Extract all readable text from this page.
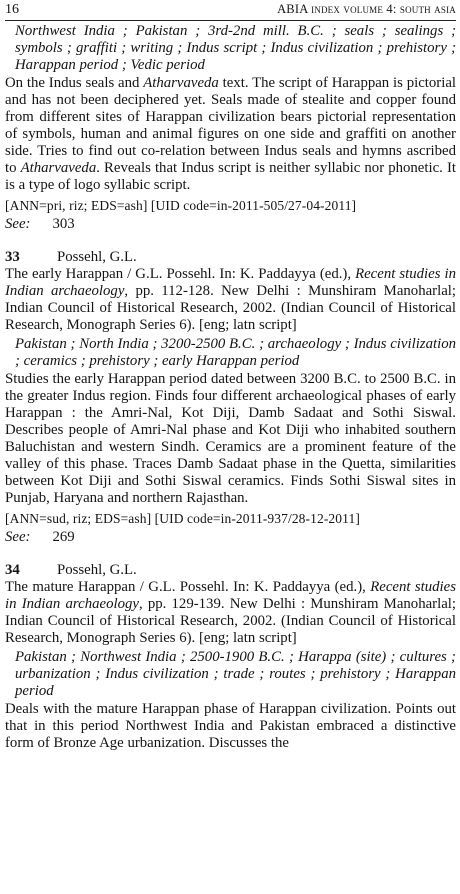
16	ABIA index volume 4: south asia

Northwest India ; Pakistan ; 3rd-2nd mill. B.C. ; seals ; sealings ; symbols ; graffiti ; writing ; Indus script ; Indus civilization ; prehistory ; Harappan period ; Vedic period

On the Indus seals and Atharvaveda text. The script of Harappan is pictorial and has not been deciphered yet. Seals made of stealite and copper found from different sites of Harappan civilization bears pictorial representation of symbols, human and animal figures on one side and graffiti on another side. Tries to find out co-relation between Indus seals and hymns ascribed to Atharvaveda. Reveals that Indus script is neither syllabic nor phonetic. It is a type of logo syllabic script.

[ANN=pri, riz; EDS=ash] [UID code=in-2011-505/27-04-2011]
See: 303
33	Possehl, G.L.

The early Harappan / G.L. Possehl. In: K. Paddayya (ed.), Recent studies in Indian archaeology, pp. 112-128. New Delhi : Munshiram Manoharlal; Indian Council of Historical Research, 2002. (Indian Council of Historical Research, Monograph Series 6). [eng; latn script]

Pakistan ; North India ; 3200-2500 B.C. ; archaeology ; Indus civilization ; ceramics ; prehistory ; early Harappan period

Studies the early Harappan period dated between 3200 B.C. to 2500 B.C. in the greater Indus region. Finds four different archaeological phases of early Harappan : the Amri-Nal, Kot Diji, Damb Sadaat and Sothi Siswal. Describes people of Amri-Nal phase and Kot Diji who inhabited southern Baluchistan and western Sindh. Ceramics are a prominent feature of the valley of this phase. Traces Damb Sadaat phase in the Quetta, similarities between Kot Diji and Sothi Siswal ceramics. Finds Sothi Siswal sites in Punjab, Haryana and northern Rajasthan.

[ANN=sud, riz; EDS=ash] [UID code=in-2011-937/28-12-2011]
See: 269
34	Possehl, G.L.

The mature Harappan / G.L. Possehl. In: K. Paddayya (ed.), Recent studies in Indian archaeology, pp. 129-139. New Delhi : Munshiram Manoharlal; Indian Council of Historical Research, 2002. (Indian Council of Historical Research, Monograph Series 6). [eng; latn script]

Pakistan ; Northwest India ; 2500-1900 B.C. ; Harappa (site) ; cultures ; urbanization ; Indus civilization ; trade ; routes ; prehistory ; Harappan period

Deals with the mature Harappan phase of Harappan civilization. Points out that in this period Northwest India and Pakistan embraced a distinctive form of Bronze Age urbanization. Discusses the
